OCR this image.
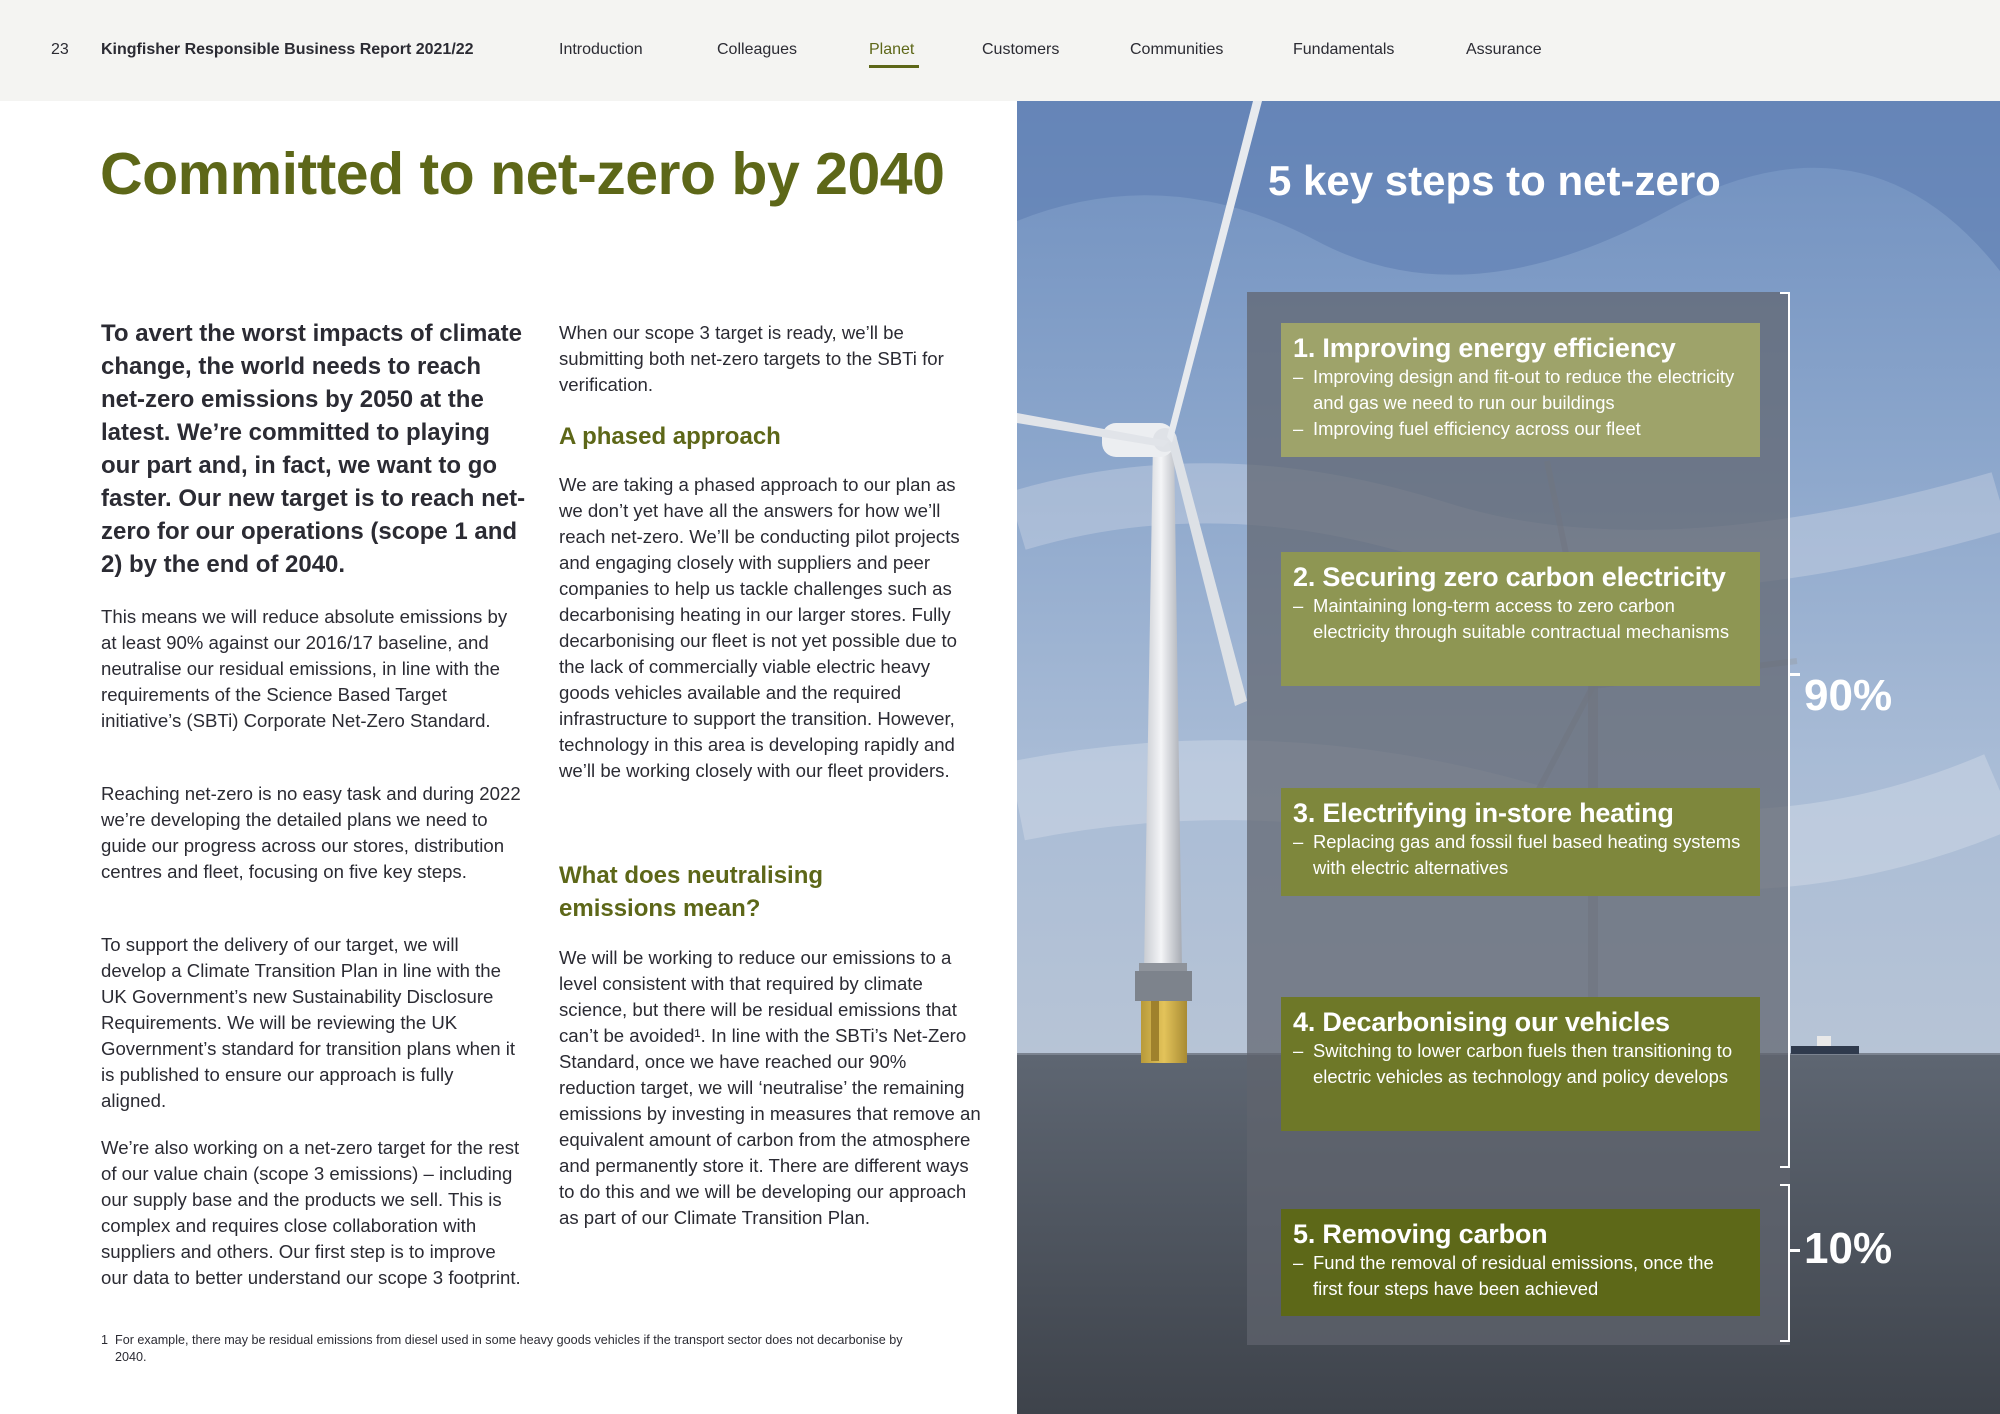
23 Kingfisher Responsible Business Report 2021/22	Introduction	Colleagues	Planet	Customers	Communities	Fundamentals	Assurance
Committed to net-zero by 2040

To avert the worst impacts of climate change, the world needs to reach net-zero emissions by 2050 at the latest. We’re committed to playing our part and, in fact, we want to go faster. Our new target is to reach net-zero for our operations (scope 1 and 2) by the end of 2040.

This means we will reduce absolute emissions by at least 90% against our 2016/17 baseline, and neutralise our residual emissions, in line with the requirements of the Science Based Target initiative’s (SBTi) Corporate Net-Zero Standard.

Reaching net-zero is no easy task and during 2022 we’re developing the detailed plans we need to guide our progress across our stores, distribution centres and fleet, focusing on five key steps.

To support the delivery of our target, we will develop a Climate Transition Plan in line with the UK Government’s new Sustainability Disclosure Requirements. We will be reviewing the UK Government’s standard for transition plans when it is published to ensure our approach is fully aligned.

We’re also working on a net-zero target for the rest of our value chain (scope 3 emissions) – including our supply base and the products we sell. This is complex and requires close collaboration with suppliers and others. Our first step is to improve our data to better understand our scope 3 footprint.

When our scope 3 target is ready, we’ll be submitting both net-zero targets to the SBTi for verification.

A phased approach

We are taking a phased approach to our plan as we don’t yet have all the answers for how we’ll reach net-zero. We’ll be conducting pilot projects and engaging closely with suppliers and peer companies to help us tackle challenges such as decarbonising heating in our larger stores. Fully decarbonising our fleet is not yet possible due to the lack of commercially viable electric heavy goods vehicles available and the required infrastructure to support the transition. However, technology in this area is developing rapidly and we’ll be working closely with our fleet providers.

What does neutralising emissions mean?

We will be working to reduce our emissions to a level consistent with that required by climate science, but there will be residual emissions that can’t be avoided¹. In line with the SBTi’s Net-Zero Standard, once we have reached our 90% reduction target, we will ‘neutralise’ the remaining emissions by investing in measures that remove an equivalent amount of carbon from the atmosphere and permanently store it. There are different ways to do this and we will be developing our approach as part of our Climate Transition Plan.

1 For example, there may be residual emissions from diesel used in some heavy goods vehicles if the transport sector does not decarbonise by 2040.
5 key steps to net-zero
1. Improving energy efficiency
– Improving design and fit-out to reduce the electricity and gas we need to run our buildings
– Improving fuel efficiency across our fleet
2. Securing zero carbon electricity
– Maintaining long-term access to zero carbon electricity through suitable contractual mechanisms
3. Electrifying in-store heating
– Replacing gas and fossil fuel based heating systems with electric alternatives
4. Decarbonising our vehicles
– Switching to lower carbon fuels then transitioning to electric vehicles as technology and policy develops
5. Removing carbon
– Fund the removal of residual emissions, once the first four steps have been achieved
90%
10%
